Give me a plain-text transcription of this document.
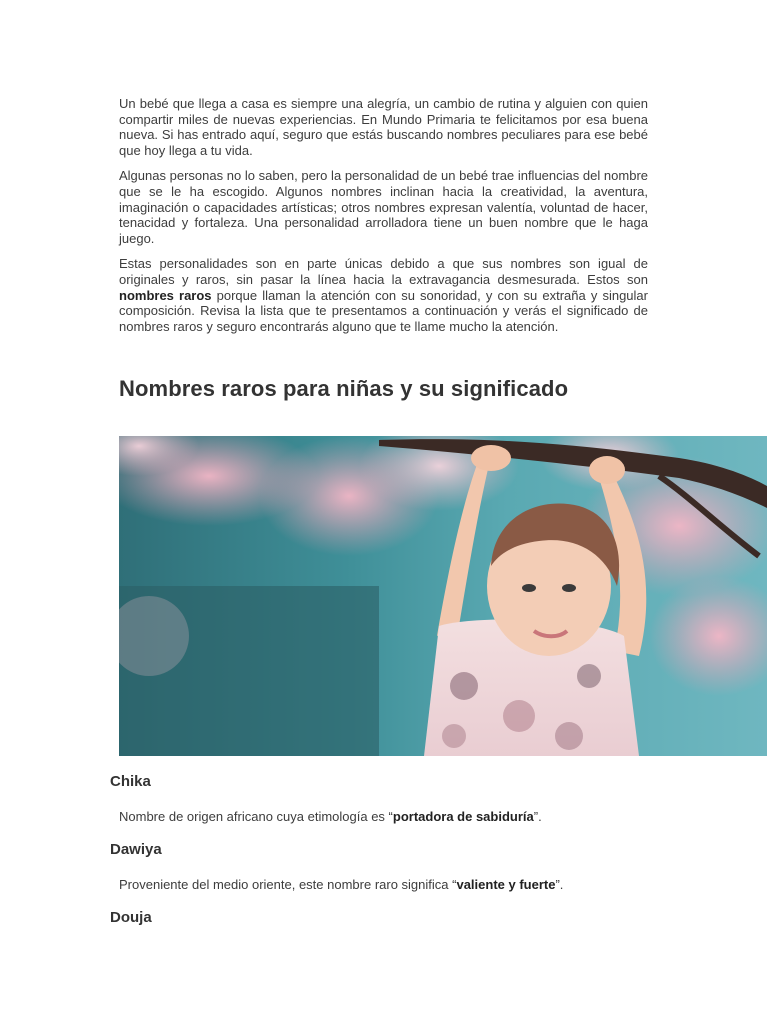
Un bebé que llega a casa es siempre una alegría, un cambio de rutina y alguien con quien compartir miles de nuevas experiencias. En Mundo Primaria te felicitamos por esa buena nueva. Si has entrado aquí, seguro que estás buscando nombres peculiares para ese bebé que hoy llega a tu vida.

Algunas personas no lo saben, pero la personalidad de un bebé trae influencias del nombre que se le ha escogido. Algunos nombres inclinan hacia la creatividad, la aventura, imaginación o capacidades artísticas; otros nombres expresan valentía, voluntad de hacer, tenacidad y fortaleza. Una personalidad arrolladora tiene un buen nombre que le haga juego.

Estas personalidades son en parte únicas debido a que sus nombres son igual de originales y raros, sin pasar la línea hacia la extravagancia desmesurada. Estos son nombres raros porque llaman la atención con su sonoridad, y con su extraña y singular composición. Revisa la lista que te presentamos a continuación y verás el significado de nombres raros y seguro encontrarás alguno que te llame mucho la atención.

Nombres raros para niñas y su significado
Chika

Nombre de origen africano cuya etimología es “portadora de sabiduría”.

Dawiya

Proveniente del medio oriente, este nombre raro significa “valiente y fuerte”.

Douja
